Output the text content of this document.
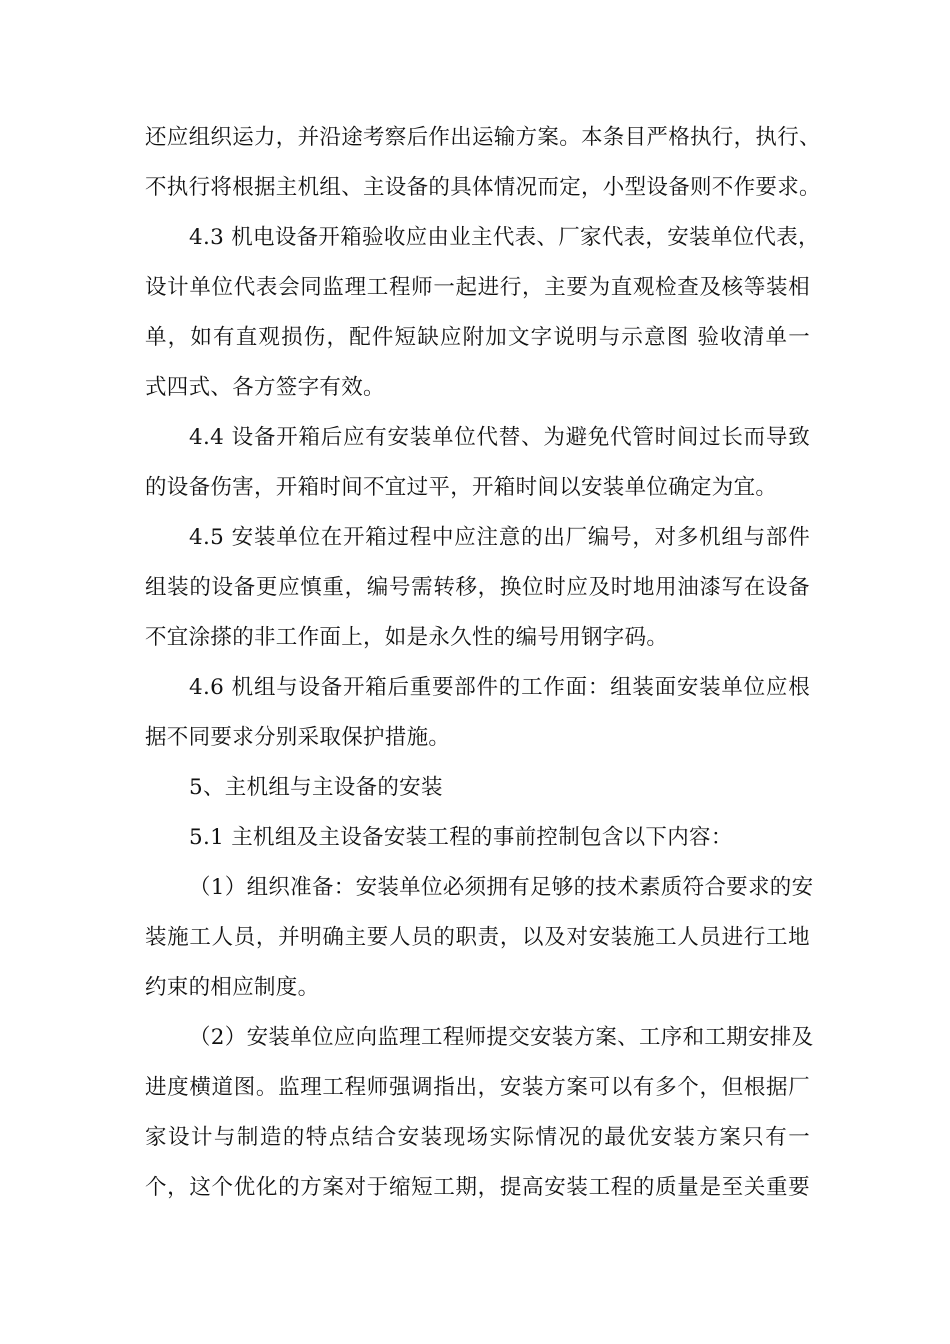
还应组织运力，并沿途考察后作出运输方案。本条目严格执行，执行、
不执行将根据主机组、主设备的具体情况而定，小型设备则不作要求。
4.3 机电设备开箱验收应由业主代表、厂家代表，安装单位代表，
设计单位代表会同监理工程师一起进行，主要为直观检查及核等装相
单，如有直观损伤，配件短缺应附加文字说明与示意图 验收清单一
式四式、各方签字有效。
4.4 设备开箱后应有安装单位代替、为避免代管时间过长而导致
的设备伤害，开箱时间不宜过平，开箱时间以安装单位确定为宜。
4.5 安装单位在开箱过程中应注意的出厂编号，对多机组与部件
组装的设备更应慎重，编号需转移，换位时应及时地用油漆写在设备
不宜涂搽的非工作面上，如是永久性的编号用钢字码。
4.6 机组与设备开箱后重要部件的工作面：组装面安装单位应根
据不同要求分别采取保护措施。
5、主机组与主设备的安装
5.1 主机组及主设备安装工程的事前控制包含以下内容：
（1）组织准备：安装单位必须拥有足够的技术素质符合要求的安
装施工人员，并明确主要人员的职责，以及对安装施工人员进行工地
约束的相应制度。
（2）安装单位应向监理工程师提交安装方案、工序和工期安排及
进度横道图。监理工程师强调指出，安装方案可以有多个，但根据厂
家设计与制造的特点结合安装现场实际情况的最优安装方案只有一
个，这个优化的方案对于缩短工期，提高安装工程的质量是至关重要
